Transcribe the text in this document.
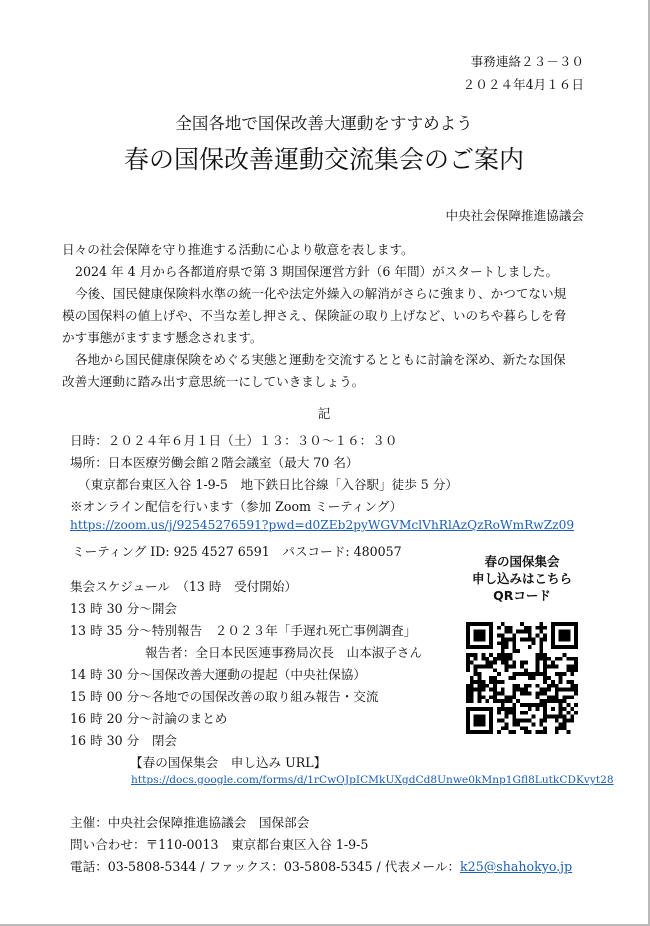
事務連絡２３－３０
２０２４年4月１６日
全国各地で国保改善大運動をすすめよう
春の国保改善運動交流集会のご案内
中央社会保障推進協議会
日々の社会保障を守り推進する活動に心より敬意を表します。
2024 年 4 月から各都道府県で第 3 期国保運営方針（6 年間）がスタートしました。
今後、国民健康保険料水準の統一化や法定外繰入の解消がさらに強まり、かつてない規
模の国保料の値上げや、不当な差し押さえ、保険証の取り上げなど、いのちや暮らしを脅
かす事態がますます懸念されます。
各地から国民健康保険をめぐる実態と運動を交流するとともに討論を深め、新たな国保
改善大運動に踏み出す意思統一にしていきましょう。
記
日時：２０２４年６月１日（土）１３：３０～１６：３０
場所：日本医療労働会館２階会議室（最大 70 名）
（東京都台東区入谷 1-9-5　地下鉄日比谷線「入谷駅」徒歩 5 分）
※オンライン配信を行います（参加 Zoom ミーティング）
https://zoom.us/j/92545276591?pwd=d0ZEb2pyWGVMclVhRlAzQzRoWmRwZz09
ミーティング ID: 925 4527 6591　パスコード: 480057
集会スケジュール　（13 時　受付開始）
13 時 30 分～開会
13 時 35 分～特別報告　２０２３年「手遅れ死亡事例調査」
報告者：全日本民医連事務局次長　山本淑子さん
14 時 30 分～国保改善大運動の提起（中央社保協）
15 時 00 分～各地での国保改善の取り組み報告・交流
16 時 20 分～討論のまとめ
16 時 30 分　閉会
【春の国保集会　申し込み URL】
https://docs.google.com/forms/d/1rCwOJpICMkUXgdCd8Unwe0kMnp1Gfl8LutkCDKvyt28
春の国保集会
申し込みはこちら
QRコード
主催：中央社会保障推進協議会　国保部会
問い合わせ：〒110-0013　東京都台東区入谷 1-9-5
電話：03-5808-5344 / ファックス：03-5808-5345 / 代表メール：k25@shahokyo.jp
